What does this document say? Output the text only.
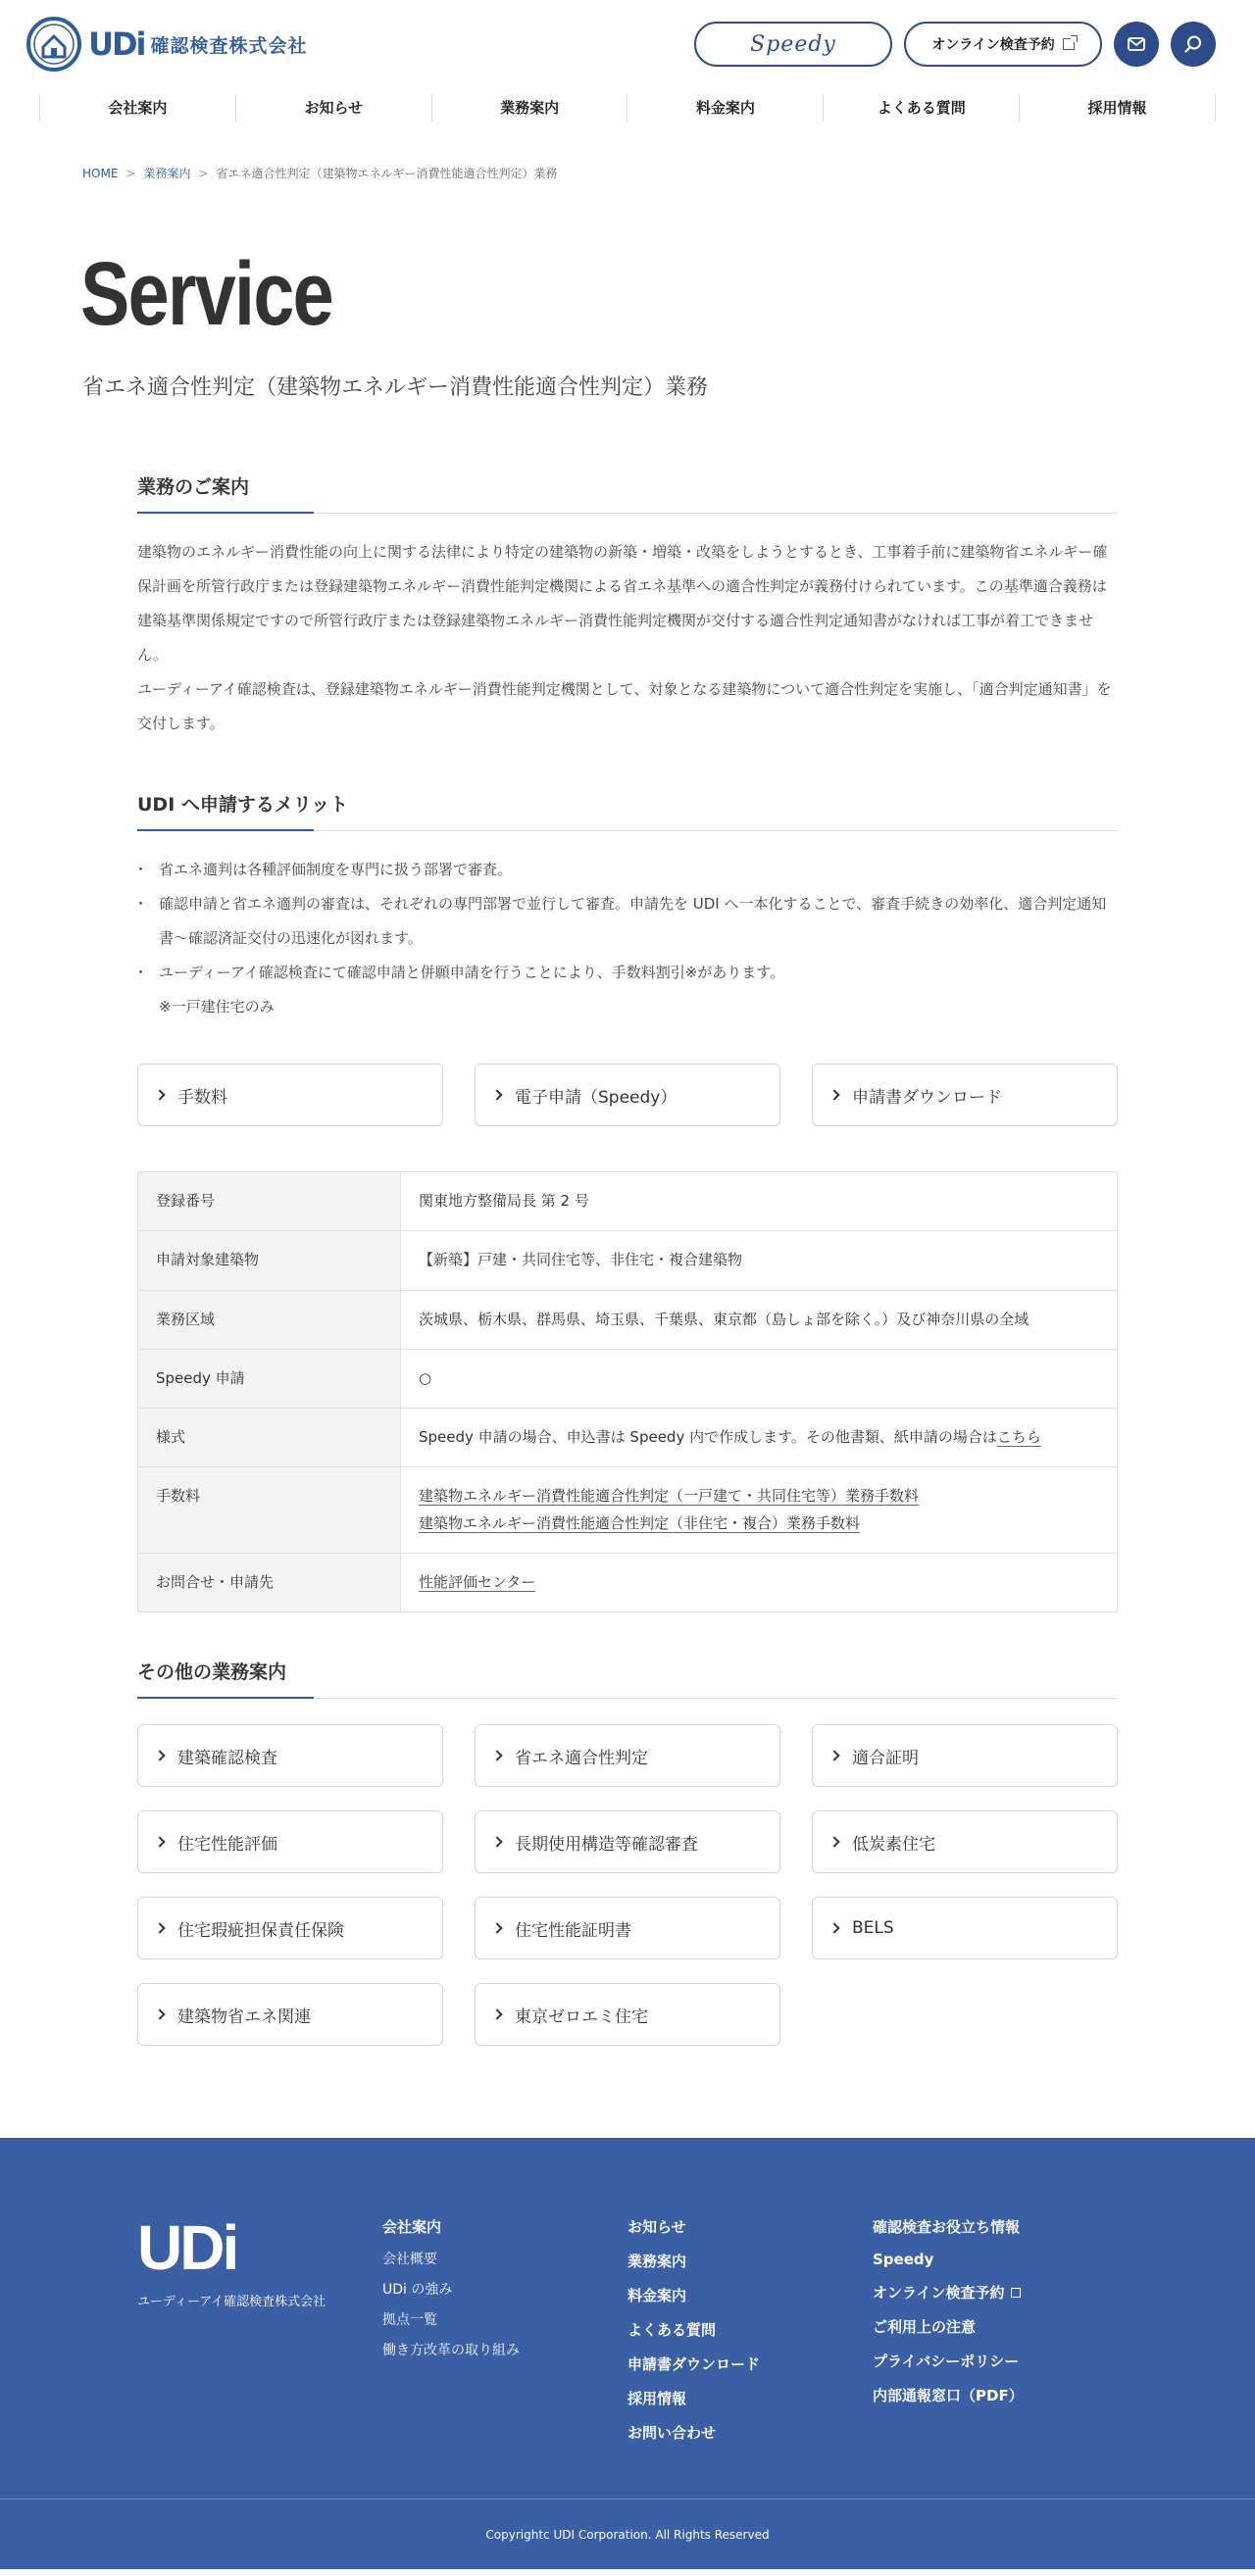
UDi 確認検査株式会社	Speedy	オンライン検査予約
会社案内	お知らせ	業務案内	料金案内	よくある質問	採用情報
HOME > 業務案内 > 省エネ適合性判定（建築物エネルギー消費性能適合性判定）業務
Service

省エネ適合性判定（建築物エネルギー消費性能適合性判定）業務

業務のご案内

建築物のエネルギー消費性能の向上に関する法律により特定の建築物の新築・増築・改築をしようとするとき、工事着手前に建築物省エネルギー確保計画を所管行政庁または登録建築物エネルギー消費性能判定機関による省エネ基準への適合性判定が義務付けられています。この基準適合義務は建築基準関係規定ですので所管行政庁または登録建築物エネルギー消費性能判定機関が交付する適合性判定通知書がなければ工事が着工できません。

ユーディーアイ確認検査は、登録建築物エネルギー消費性能判定機関として、対象となる建築物について適合性判定を実施し、「適合判定通知書」を交付します。

UDI へ申請するメリット
・ 省エネ適判は各種評価制度を専門に扱う部署で審査。
・ 確認申請と省エネ適判の審査は、それぞれの専門部署で並行して審査。申請先を UDI へ一本化することで、審査手続きの効率化、適合判定通知書〜確認済証交付の迅速化が図れます。
・ ユーディーアイ確認検査にて確認申請と併願申請を行うことにより、手数料割引※があります。

※一戸建住宅のみ

手数料	電子申請（Speedy）	申請書ダウンロード
登録番号	関東地方整備局長 第 2 号
申請対象建築物	【新築】戸建・共同住宅等、非住宅・複合建築物
業務区域	茨城県、栃木県、群馬県、埼玉県、千葉県、東京都（島しょ部を除く。）及び神奈川県の全域
Speedy 申請	○
様式	Speedy 申請の場合、申込書は Speedy 内で作成します。その他書類、紙申請の場合はこちら
手数料	建築物エネルギー消費性能適合性判定（一戸建て・共同住宅等）業務手数料
建築物エネルギー消費性能適合性判定（非住宅・複合）業務手数料

お問合せ・申請先	性能評価センター
その他の業務案内
建築確認検査	省エネ適合性判定	適合証明
住宅性能評価	長期使用構造等確認審査	低炭素住宅
住宅瑕疵担保責任保険	住宅性能証明書	BELS
建築物省エネ関連	東京ゼロエミ住宅
UDi
ユーディーアイ確認検査株式会社
会社案内
会社概要
UDi の強み
拠点一覧
働き方改革の取り組み
お知らせ
業務案内
料金案内
よくある質問
申請書ダウンロード
採用情報
お問い合わせ
確認検査お役立ち情報
Speedy
オンライン検査予約
ご利用上の注意
プライバシーポリシー
内部通報窓口（PDF）
Copyrightc UDI Corporation. All Rights Reserved
